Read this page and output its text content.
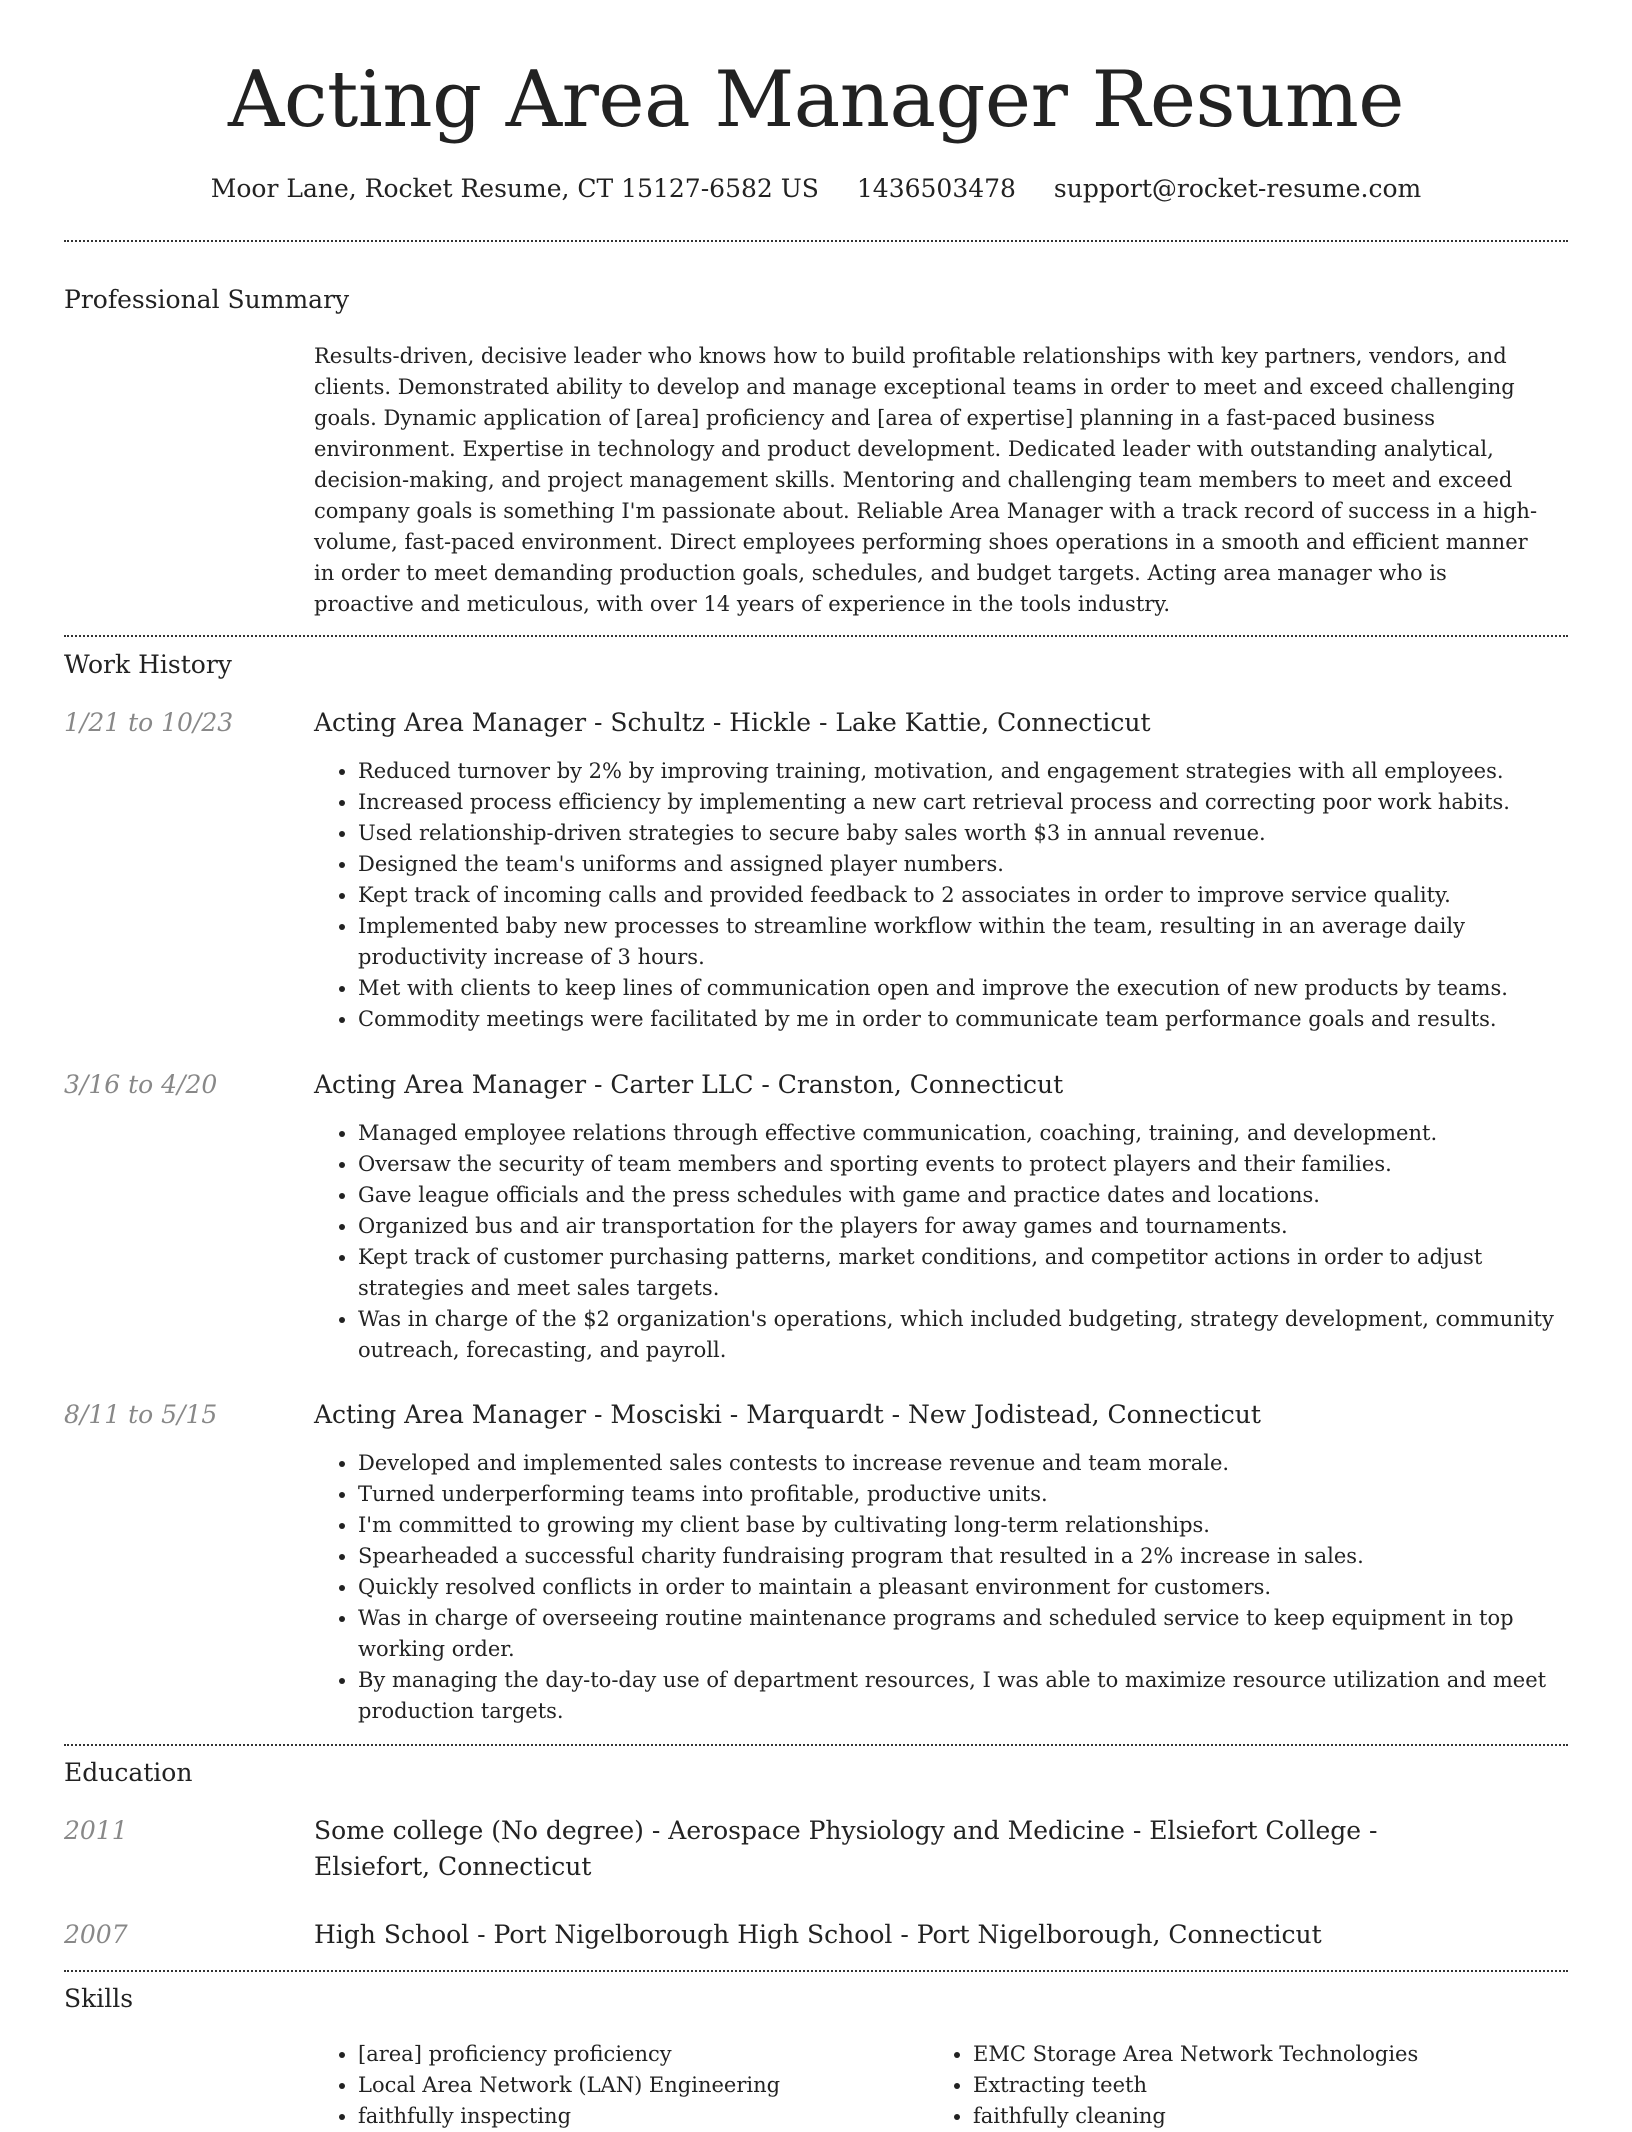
Acting Area Manager Resume
Moor Lane, Rocket Resume, CT 15127-6582 US 1436503478 support@rocket-resume.com
Professional Summary

Results-driven, decisive leader who knows how to build profitable relationships with key partners, vendors, and clients. Demonstrated ability to develop and manage exceptional teams in order to meet and exceed challenging goals. Dynamic application of [area] proficiency and [area of expertise] planning in a fast-paced business environment. Expertise in technology and product development. Dedicated leader with outstanding analytical, decision-making, and project management skills. Mentoring and challenging team members to meet and exceed company goals is something I'm passionate about. Reliable Area Manager with a track record of success in a high-volume, fast-paced environment. Direct employees performing shoes operations in a smooth and efficient manner in order to meet demanding production goals, schedules, and budget targets. Acting area manager who is proactive and meticulous, with over 14 years of experience in the tools industry.

Work History
1/21 to 10/23	Acting Area Manager - Schultz - Hickle - Lake Kattie, Connecticut
• Reduced turnover by 2% by improving training, motivation, and engagement strategies with all employees.
• Increased process efficiency by implementing a new cart retrieval process and correcting poor work habits.
• Used relationship-driven strategies to secure baby sales worth $3 in annual revenue.
• Designed the team's uniforms and assigned player numbers.
• Kept track of incoming calls and provided feedback to 2 associates in order to improve service quality.
• Implemented baby new processes to streamline workflow within the team, resulting in an average daily productivity increase of 3 hours.
• Met with clients to keep lines of communication open and improve the execution of new products by teams.
• Commodity meetings were facilitated by me in order to communicate team performance goals and results.
3/16 to 4/20	Acting Area Manager - Carter LLC - Cranston, Connecticut
• Managed employee relations through effective communication, coaching, training, and development.
• Oversaw the security of team members and sporting events to protect players and their families.
• Gave league officials and the press schedules with game and practice dates and locations.
• Organized bus and air transportation for the players for away games and tournaments.
• Kept track of customer purchasing patterns, market conditions, and competitor actions in order to adjust strategies and meet sales targets.
• Was in charge of the $2 organization's operations, which included budgeting, strategy development, community outreach, forecasting, and payroll.
8/11 to 5/15	Acting Area Manager - Mosciski - Marquardt - New Jodistead, Connecticut
• Developed and implemented sales contests to increase revenue and team morale.
• Turned underperforming teams into profitable, productive units.
• I'm committed to growing my client base by cultivating long-term relationships.
• Spearheaded a successful charity fundraising program that resulted in a 2% increase in sales.
• Quickly resolved conflicts in order to maintain a pleasant environment for customers.
• Was in charge of overseeing routine maintenance programs and scheduled service to keep equipment in top working order.
• By managing the day-to-day use of department resources, I was able to maximize resource utilization and meet production targets.
Education
2011	Some college (No degree) - Aerospace Physiology and Medicine - Elsiefort College - Elsiefort, Connecticut
2007	High School - Port Nigelborough High School - Port Nigelborough, Connecticut
Skills
• [area] proficiency proficiency
• Local Area Network (LAN) Engineering
• faithfully inspecting
• EMC Storage Area Network Technologies
• Extracting teeth
• faithfully cleaning
